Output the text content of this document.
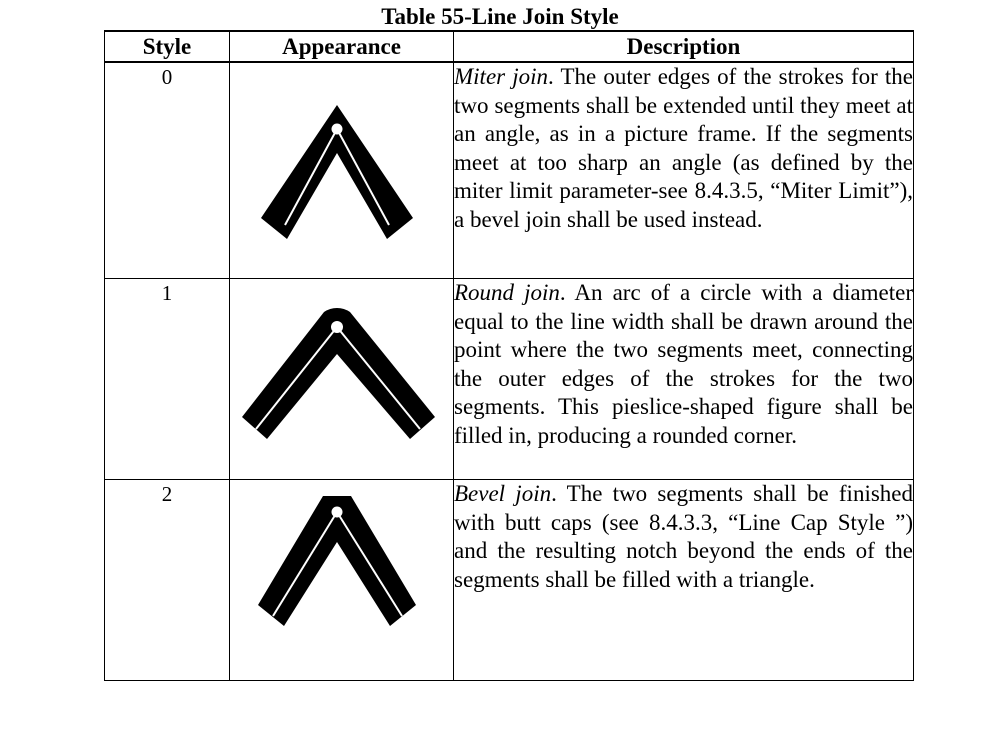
Table 55-Line Join Style
Style	Appearance	Description
0		Miter join. The outer edges of the strokes for the two segments shall be extended until they meet at an angle, as in a picture frame. If the segments meet at too sharp an angle (as defined by the miter limit parameter-see 8.4.3.5, “Miter Limit”), a bevel join shall be used instead.
1		Round join. An arc of a circle with a diameter equal to the line width shall be drawn around the point where the two segments meet, connecting the outer edges of the strokes for the two segments. This pieslice-shaped figure shall be filled in, producing a rounded corner.
2		Bevel join. The two segments shall be finished with butt caps (see 8.4.3.3, “Line Cap Style ”) and the resulting notch beyond the ends of the segments shall be filled with a triangle.
